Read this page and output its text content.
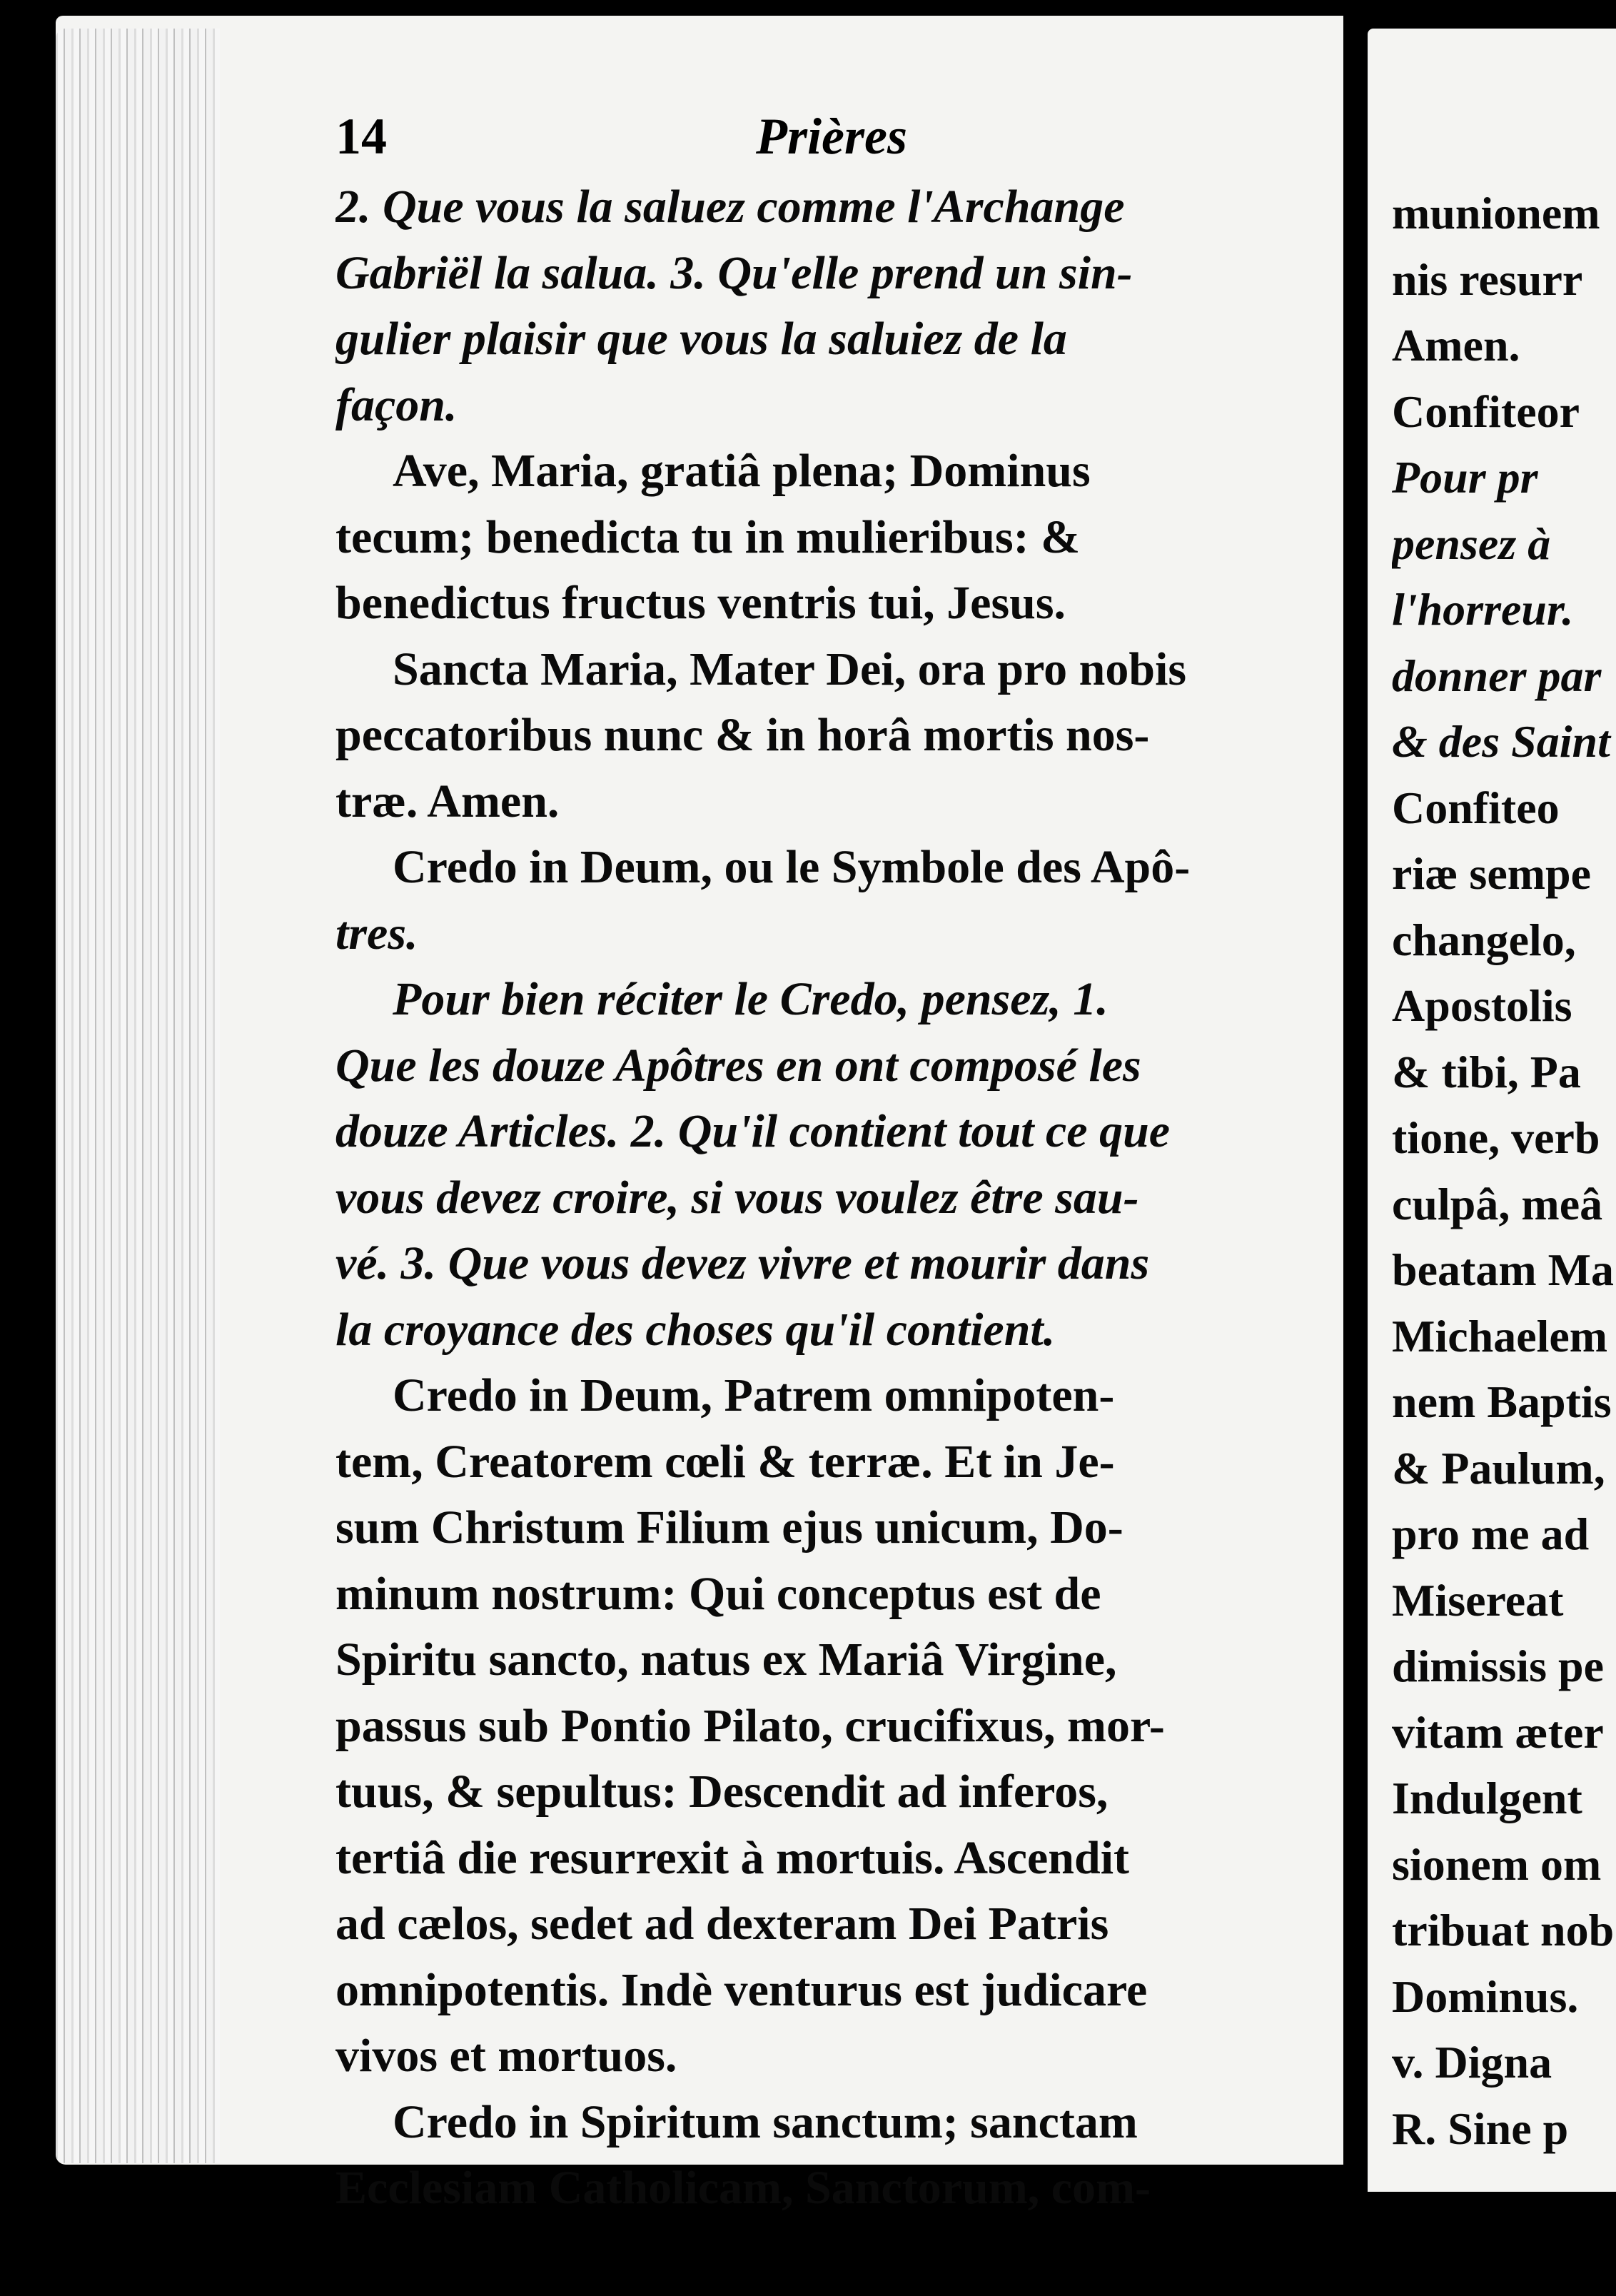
14	Prières
2. Que vous la saluez comme l'Archange
Gabriël la salua. 3. Qu'elle prend un sin-
gulier plaisir que vous la saluiez de la
façon.
Ave, Maria, gratiâ plena; Dominus
tecum; benedicta tu in mulieribus: &
benedictus fructus ventris tui, Jesus.
Sancta Maria, Mater Dei, ora pro nobis
peccatoribus nunc & in horâ mortis nos-
træ. Amen.
Credo in Deum, ou le Symbole des Apô-
tres.
Pour bien réciter le Credo, pensez, 1.
Que les douze Apôtres en ont composé les
douze Articles. 2. Qu'il contient tout ce que
vous devez croire, si vous voulez être sau-
vé. 3. Que vous devez vivre et mourir dans
la croyance des choses qu'il contient.
Credo in Deum, Patrem omnipoten-
tem, Creatorem cœli & terræ. Et in Je-
sum Christum Filium ejus unicum, Do-
minum nostrum: Qui conceptus est de
Spiritu sancto, natus ex Mariâ Virgine,
passus sub Pontio Pilato, crucifixus, mor-
tuus, & sepultus: Descendit ad inferos,
tertiâ die resurrexit à mortuis. Ascendit
ad cælos, sedet ad dexteram Dei Patris
omnipotentis. Indè venturus est judicare
vivos et mortuos.
Credo in Spiritum sanctum; sanctam
Ecclesiam Catholicam, Sanctorum, com-
munionem
nis resurr
Amen.
Confiteor
Pour pr
pensez à
l'horreur.
donner par
& des Saint
Confiteo
riæ sempe
changelo,
Apostolis
& tibi, Pa
tione, verb
culpâ, meâ
beatam Ma
Michaelem
nem Baptis
& Paulum,
pro me ad
Misereat
dimissis pe
vitam æter
Indulgent
sionem om
tribuat nob
Dominus.
v. Digna
R. Sine p
